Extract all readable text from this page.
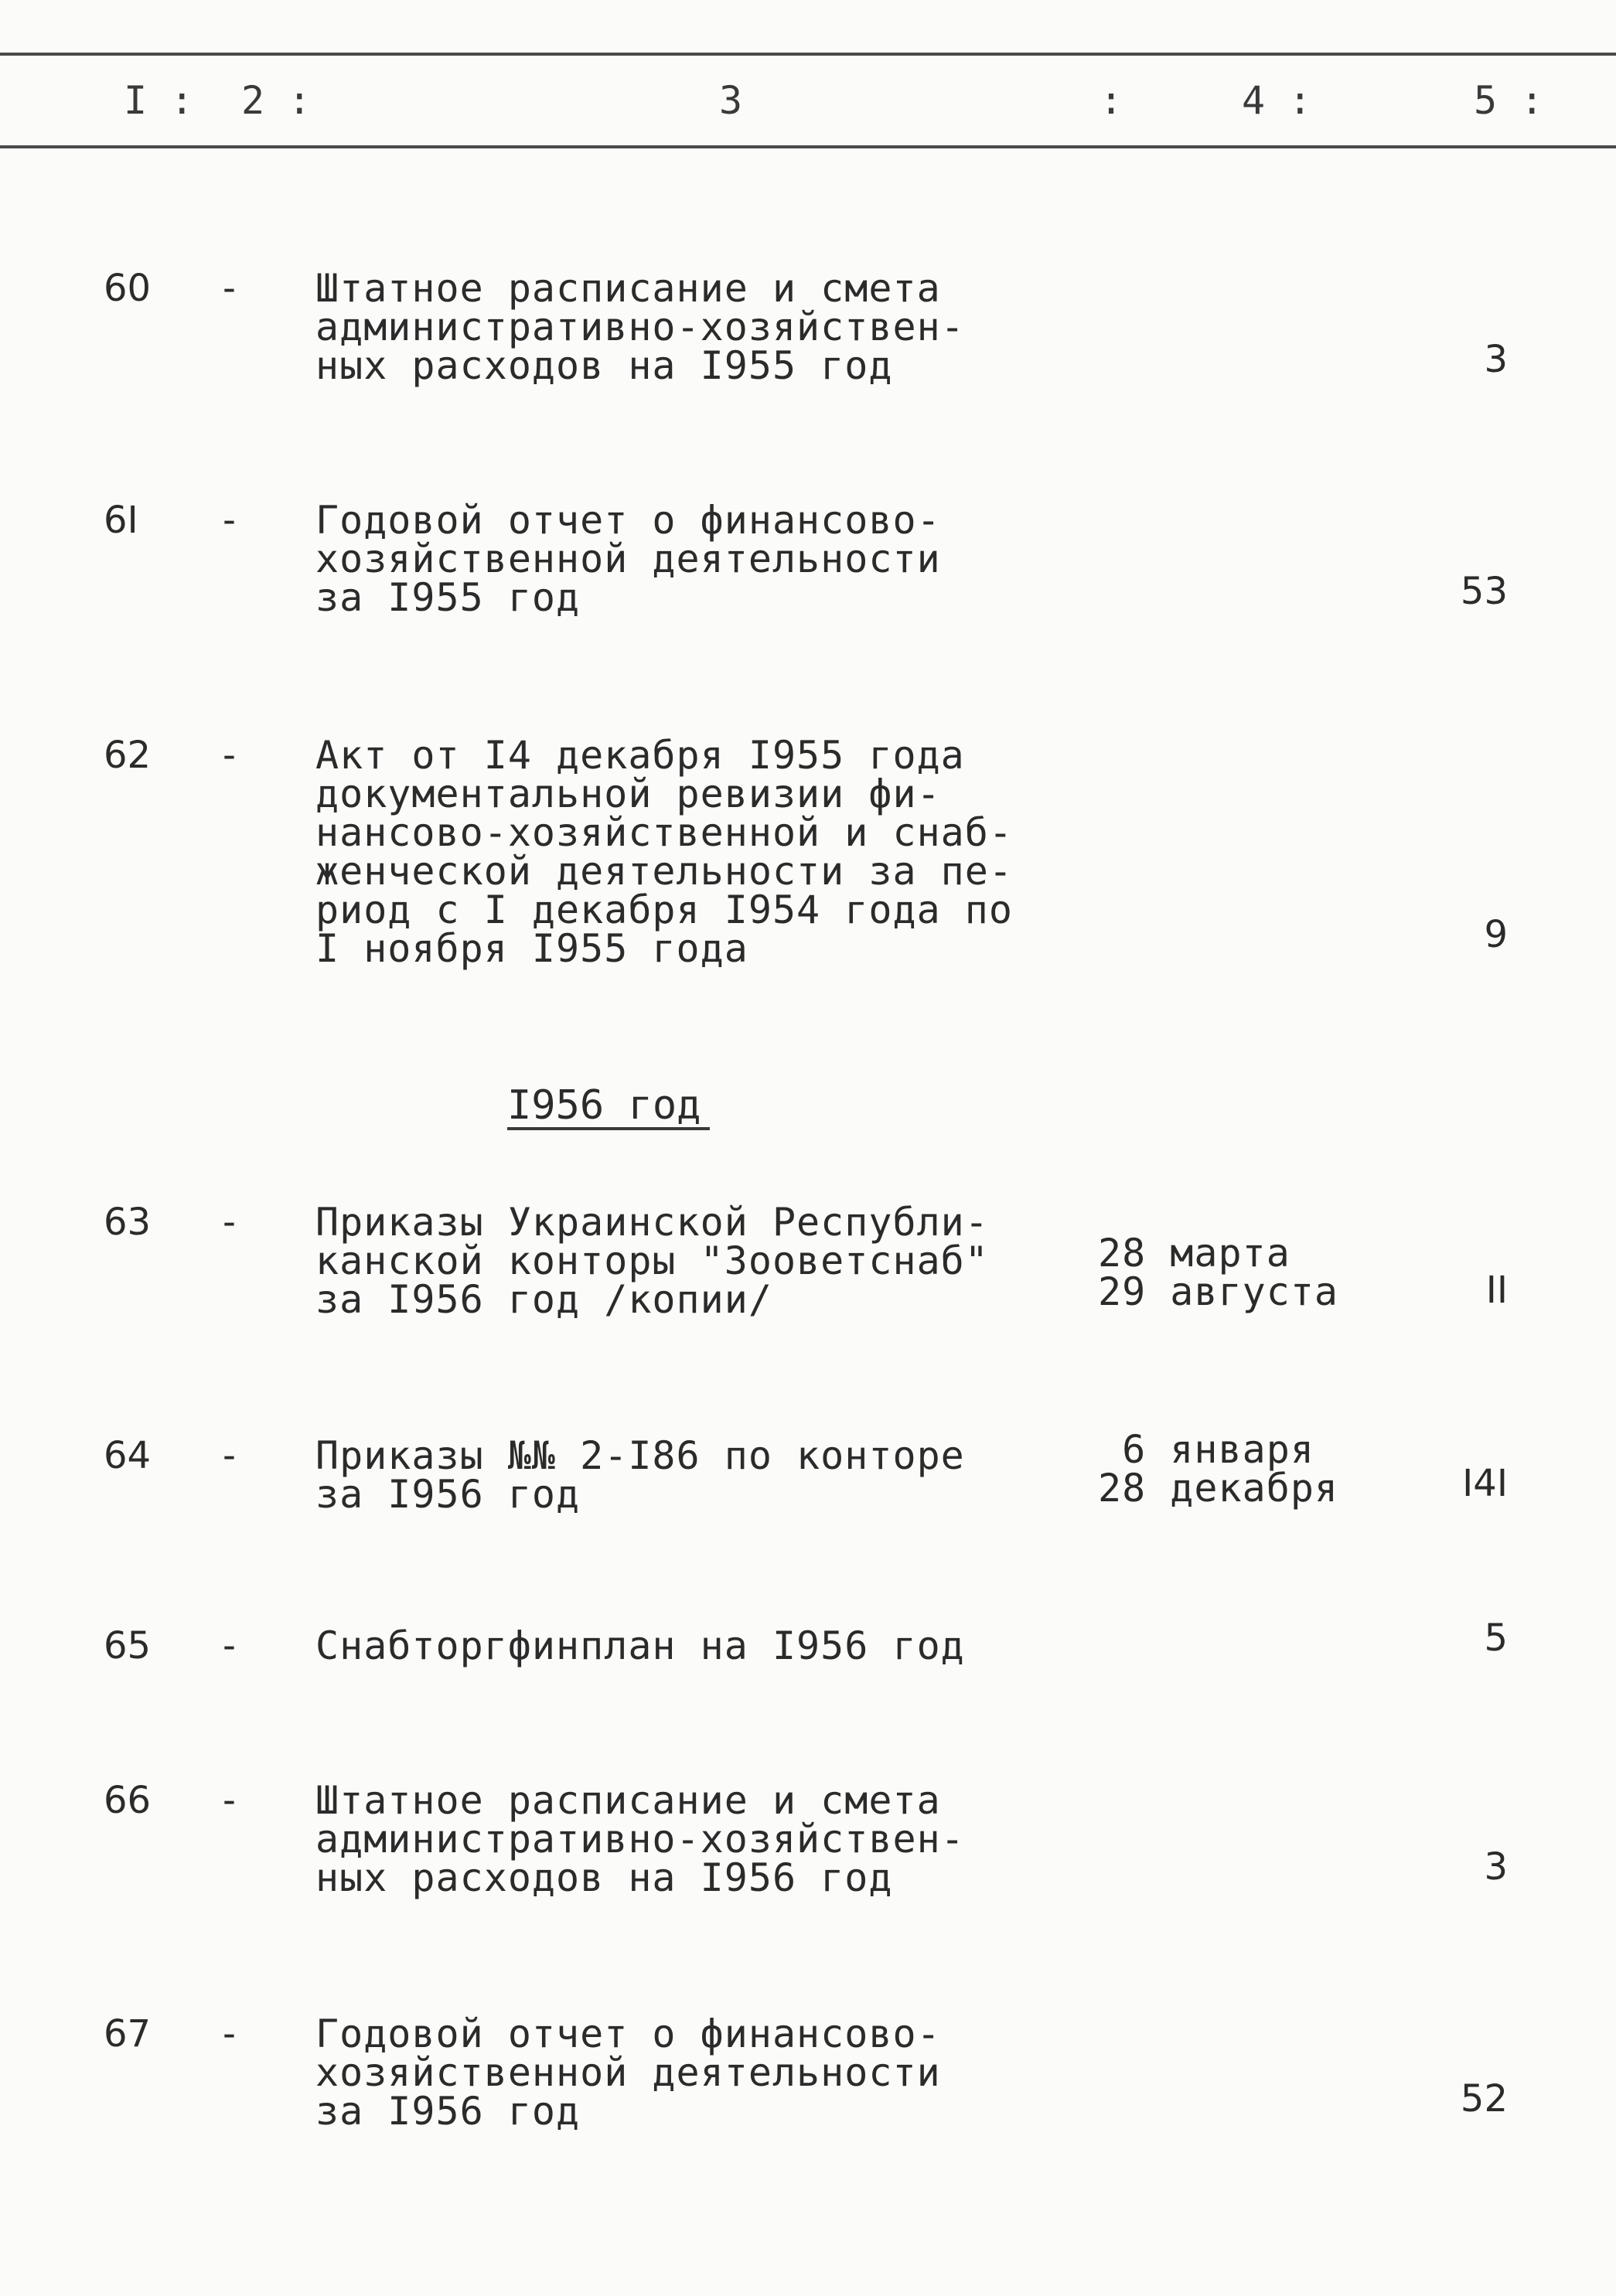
I : 2 :	3	:	4 :	5 :
60 - Штатное расписание и смета
административно-хозяйствен-
ных расходов на I955 год	3
6I - Годовой отчет о финансово-
хозяйственной деятельности
за I955 год	53
62 - Акт от I4 декабря I955 года
документальной ревизии фи-
нансово-хозяйственной и снаб-
женческой деятельности за пе-
риод с I декабря I954 года по
I ноября I955 года	9
I956 год
63 - Приказы Украинской Республи-
канской конторы "Зооветснаб"
за I956 год /копии/
28 марта
29 августа	II
64 - Приказы №№ 2-I86 по конторе
за I956 год
6 января
28 декабря	I4I
65 - Снабторгфинплан на I956 год	5
66 - Штатное расписание и смета
административно-хозяйствен-
ных расходов на I956 год	3
67 - Годовой отчет о финансово-
хозяйственной деятельности
за I956 год	52
